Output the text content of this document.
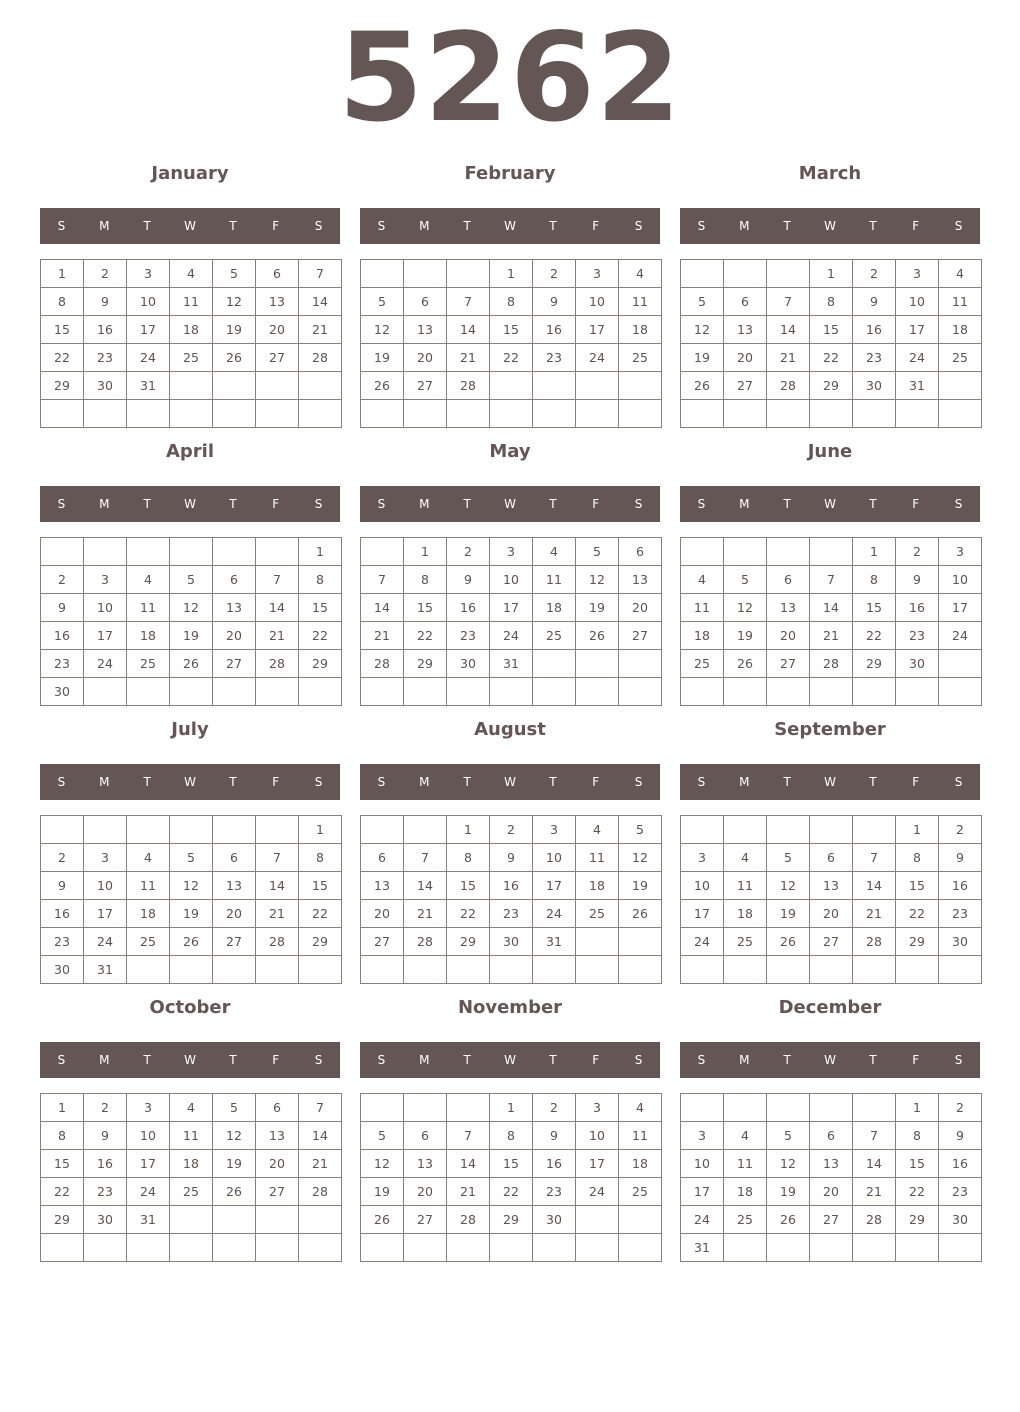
5262
January
S	M	T	W	T	F	S
1	2	3	4	5	6	7
8	9	10	11	12	13	14
15	16	17	18	19	20	21
22	23	24	25	26	27	28
29	30	31				

February
S	M	T	W	T	F	S
			1	2	3	4
5	6	7	8	9	10	11
12	13	14	15	16	17	18
19	20	21	22	23	24	25
26	27	28				

March
S	M	T	W	T	F	S
			1	2	3	4
5	6	7	8	9	10	11
12	13	14	15	16	17	18
19	20	21	22	23	24	25
26	27	28	29	30	31	

April
S	M	T	W	T	F	S
						1
2	3	4	5	6	7	8
9	10	11	12	13	14	15
16	17	18	19	20	21	22
23	24	25	26	27	28	29
30						
May
S	M	T	W	T	F	S
	1	2	3	4	5	6
7	8	9	10	11	12	13
14	15	16	17	18	19	20
21	22	23	24	25	26	27
28	29	30	31			

June
S	M	T	W	T	F	S
				1	2	3
4	5	6	7	8	9	10
11	12	13	14	15	16	17
18	19	20	21	22	23	24
25	26	27	28	29	30	

July
S	M	T	W	T	F	S
						1
2	3	4	5	6	7	8
9	10	11	12	13	14	15
16	17	18	19	20	21	22
23	24	25	26	27	28	29
30	31					
August
S	M	T	W	T	F	S
		1	2	3	4	5
6	7	8	9	10	11	12
13	14	15	16	17	18	19
20	21	22	23	24	25	26
27	28	29	30	31		

September
S	M	T	W	T	F	S
					1	2
3	4	5	6	7	8	9
10	11	12	13	14	15	16
17	18	19	20	21	22	23
24	25	26	27	28	29	30

October
S	M	T	W	T	F	S
1	2	3	4	5	6	7
8	9	10	11	12	13	14
15	16	17	18	19	20	21
22	23	24	25	26	27	28
29	30	31				

November
S	M	T	W	T	F	S
			1	2	3	4
5	6	7	8	9	10	11
12	13	14	15	16	17	18
19	20	21	22	23	24	25
26	27	28	29	30		

December
S	M	T	W	T	F	S
					1	2
3	4	5	6	7	8	9
10	11	12	13	14	15	16
17	18	19	20	21	22	23
24	25	26	27	28	29	30
31						
